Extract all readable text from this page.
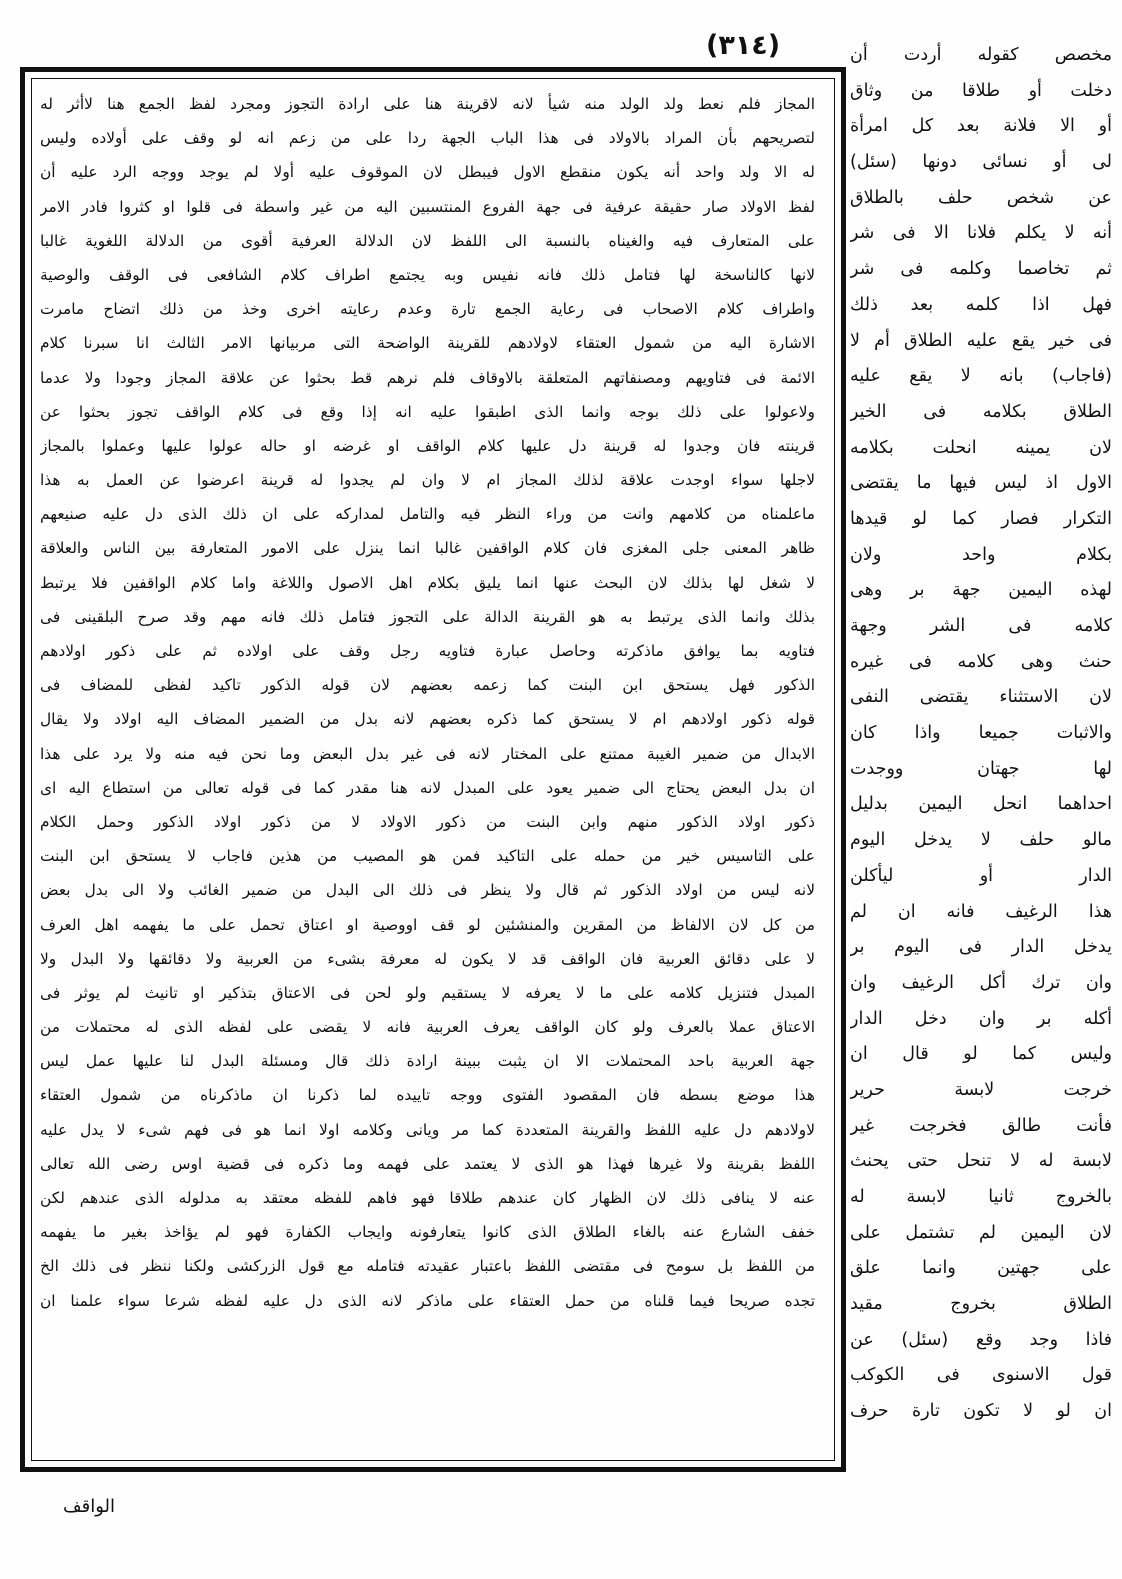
(٣١٤)	مخصص كقوله أردت أن
دخلت أو طلاقا من وثاق
أو الا فلانة بعد كل امرأة
لى أو نسائى دونها (سئل)
عن شخص حلف بالطلاق
أنه لا يكلم فلانا الا فى شر
ثم تخاصما وكلمه فى شر
فهل اذا كلمه بعد ذلك
فى خير يقع عليه الطلاق أم لا
(فاجاب) بانه لا يقع عليه
الطلاق بكلامه فى الخير
لان يمينه انحلت بكلامه
الاول اذ ليس فيها ما يقتضى
التكرار فصار كما لو قيدها
بكلام واحد ولان
لهذه اليمين جهة بر وهى
كلامه فى الشر وجهة
حنث وهى كلامه فى غيره
لان الاستثناء يقتضى النفى
والاثبات جميعا واذا كان
لها جهتان ووجدت
احداهما انحل اليمين بدليل
مالو حلف لا يدخل اليوم
الدار أو ليأكلن
هذا الرغيف فانه ان لم
يدخل الدار فى اليوم بر
وان ترك أكل الرغيف وان
أكله بر وان دخل الدار
وليس كما لو قال ان
خرجت لابسة حرير
فأنت طالق فخرجت غير
لابسة له لا تنحل حتى يحنث
بالخروج ثانيا لابسة له
لان اليمين لم تشتمل على
على جهتين وانما علق
الطلاق بخروج مقيد
فاذا وجد وقع (سئل) عن
قول الاسنوى فى الكوكب
ان لو لا تكون تارة حرف
المجاز فلم نعط ولد الولد منه شيأ لانه لاقرينة هنا على ارادة التجوز ومجرد لفظ الجمع هنا لاأثر له
لتصريحهم بأن المراد بالاولاد فى هذا الباب الجهة ردا على من زعم انه لو وقف على أولاده وليس
له الا ولد واحد أنه يكون منقطع الاول فيبطل لان الموقوف عليه أولا لم يوجد ووجه الرد عليه أن
لفظ الاولاد صار حقيقة عرفية فى جهة الفروع المنتسبين اليه من غير واسطة فى قلوا او كثروا فادر الامر
على المتعارف فيه والغيناه بالنسبة الى اللفظ لان الدلالة العرفية أقوى من الدلالة اللغوية غالبا
لانها كالناسخة لها فتامل ذلك فانه نفيس وبه يجتمع اطراف كلام الشافعى فى الوقف والوصية
واطراف كلام الاصحاب فى رعاية الجمع تارة وعدم رعايته اخرى وخذ من ذلك اتضاح مامرت
الاشارة اليه من شمول العتقاء لاولادهم للقرينة الواضحة التى مربيانها الامر الثالث انا سبرنا كلام
الائمة فى فتاويهم ومصنفاتهم المتعلقة بالاوقاف فلم نرهم قط بحثوا عن علاقة المجاز وجودا ولا عدما
ولاعولوا على ذلك بوجه وانما الذى اطبقوا عليه انه إذا وقع فى كلام الواقف تجوز بحثوا عن
قرينته فان وجدوا له قرينة دل عليها كلام الواقف او غرضه او حاله عولوا عليها وعملوا بالمجاز
لاجلها سواء اوجدت علاقة لذلك المجاز ام لا وان لم يجدوا له قرينة اعرضوا عن العمل به هذا
ماعلمناه من كلامهم وانت من وراء النظر فيه والتامل لمداركه على ان ذلك الذى دل عليه صنيعهم
ظاهر المعنى جلى المغزى فان كلام الواقفين غالبا انما ينزل على الامور المتعارفة بين الناس والعلاقة
لا شغل لها بذلك لان البحث عنها انما يليق بكلام اهل الاصول واللاغة واما كلام الواقفين فلا يرتبط
بذلك وانما الذى يرتبط به هو القرينة الدالة على التجوز فتامل ذلك فانه مهم وقد صرح البلقينى فى
فتاويه بما يوافق ماذكرته وحاصل عبارة فتاويه رجل وقف على اولاده ثم على ذكور اولادهم
الذكور فهل يستحق ابن البنت كما زعمه بعضهم لان قوله الذكور تاكيد لفظى للمضاف فى
قوله ذكور اولادهم ام لا يستحق كما ذكره بعضهم لانه بدل من الضمير المضاف اليه اولاد ولا يقال
الابدال من ضمير الغيبة ممتنع على المختار لانه فى غير بدل البعض وما نحن فيه منه ولا يرد على هذا
ان بدل البعض يحتاج الى ضمير يعود على المبدل لانه هنا مقدر كما فى قوله تعالى من استطاع اليه اى
ذكور اولاد الذكور منهم وابن البنت من ذكور الاولاد لا من ذكور اولاد الذكور وحمل الكلام
على التاسيس خير من حمله على التاكيد فمن هو المصيب من هذين فاجاب لا يستحق ابن البنت
لانه ليس من اولاد الذكور ثم قال ولا ينظر فى ذلك الى البدل من ضمير الغائب ولا الى بدل بعض
من كل لان الالفاظ من المقرين والمنشئين لو قف اووصية او اعتاق تحمل على ما يفهمه اهل العرف
لا على دقائق العربية فان الواقف قد لا يكون له معرفة بشىء من العربية ولا دقائقها ولا البدل ولا
المبدل فتنزيل كلامه على ما لا يعرفه لا يستقيم ولو لحن فى الاعتاق بتذكير او تانيث لم يوثر فى
الاعتاق عملا بالعرف ولو كان الواقف يعرف العربية فانه لا يقضى على لفظه الذى له محتملات من
جهة العربية باحد المحتملات الا ان يثبت ببينة ارادة ذلك قال ومسئلة البدل لنا عليها عمل ليس
هذا موضع بسطه فان المقصود الفتوى ووجه تاييده لما ذكرنا ان ماذكرناه من شمول العتقاء
لاولادهم دل عليه اللفظ والقرينة المتعددة كما مر ويانى وكلامه اولا انما هو فى فهم شىء لا يدل عليه
اللفظ بقرينة ولا غيرها فهذا هو الذى لا يعتمد على فهمه وما ذكره فى قضية اوس رضى الله تعالى
عنه لا ينافى ذلك لان الظهار كان عندهم طلاقا فهو فاهم للفظه معتقد به مدلوله الذى عندهم لكن
خفف الشارع عنه بالغاء الطلاق الذى كانوا يتعارفونه وايجاب الكفارة فهو لم يؤاخذ بغير ما يفهمه
من اللفظ بل سومح فى مقتضى اللفظ باعتبار عقيدته فتامله مع قول الزركشى ولكنا ننظر فى ذلك الخ
تجده صريحا فيما قلناه من حمل العتقاء على ماذكر لانه الذى دل عليه لفظه شرعا سواء علمنا ان
الواقف
